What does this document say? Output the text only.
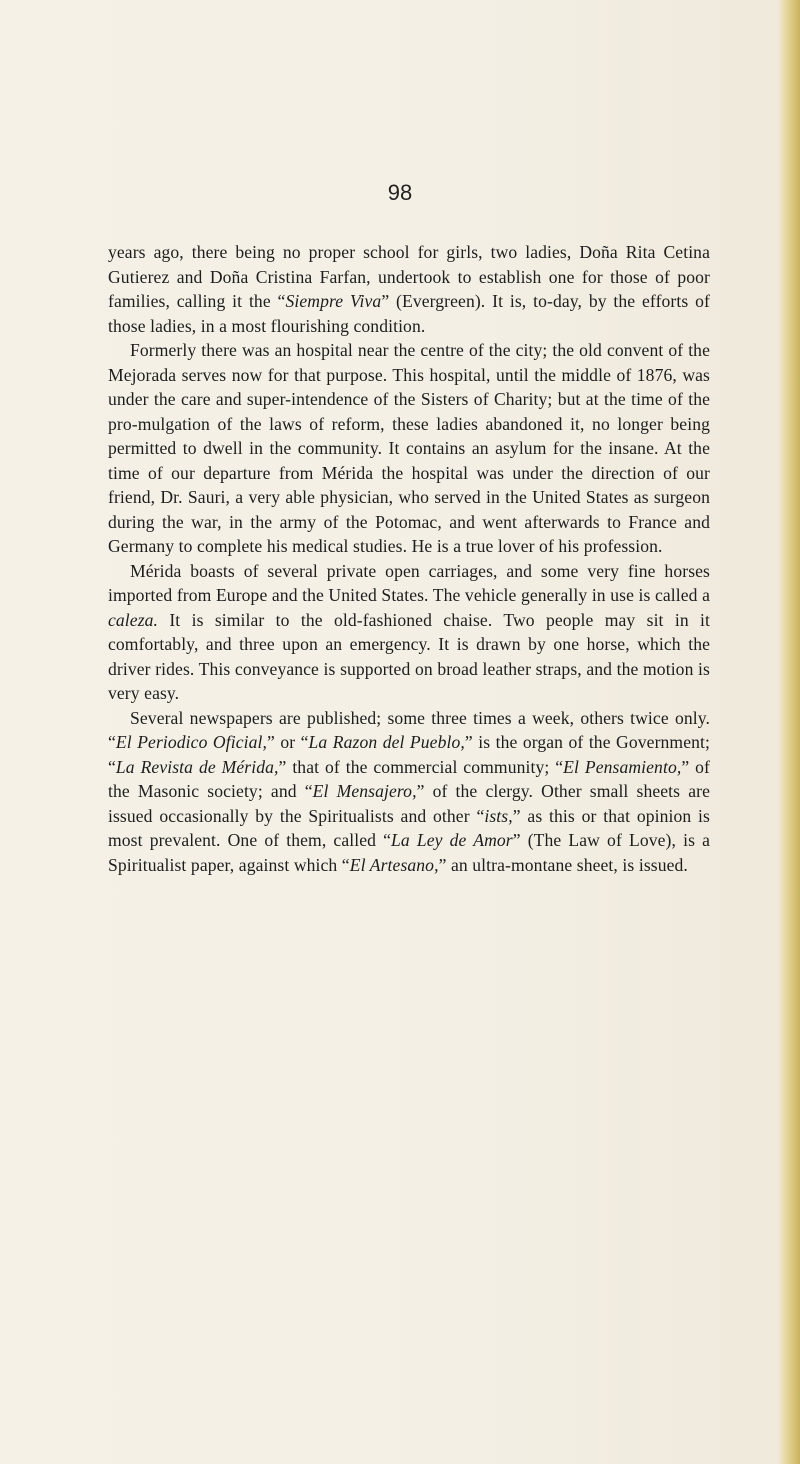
98

years ago, there being no proper school for girls, two ladies, Doña Rita Cetina Gutierez and Doña Cristina Farfan, undertook to establish one for those of poor families, calling it the “Siempre Viva” (Evergreen). It is, to-day, by the efforts of those ladies, in a most flourishing condition.

Formerly there was an hospital near the centre of the city; the old convent of the Mejorada serves now for that purpose. This hospital, until the middle of 1876, was under the care and super-intendence of the Sisters of Charity; but at the time of the pro-mulgation of the laws of reform, these ladies abandoned it, no longer being permitted to dwell in the community. It contains an asylum for the insane. At the time of our departure from Mérida the hospital was under the direction of our friend, Dr. Sauri, a very able physician, who served in the United States as surgeon during the war, in the army of the Potomac, and went afterwards to France and Germany to complete his medical studies. He is a true lover of his profession.

Mérida boasts of several private open carriages, and some very fine horses imported from Europe and the United States. The vehicle generally in use is called a caleza. It is similar to the old-fashioned chaise. Two people may sit in it comfortably, and three upon an emergency. It is drawn by one horse, which the driver rides. This conveyance is supported on broad leather straps, and the motion is very easy.

Several newspapers are published; some three times a week, others twice only. “El Periodico Oficial,” or “La Razon del Pueblo,” is the organ of the Government; “La Revista de Mérida,” that of the commercial community; “El Pensamiento,” of the Masonic society; and “El Mensajero,” of the clergy. Other small sheets are issued occasionally by the Spiritualists and other “ists,” as this or that opinion is most prevalent. One of them, called “La Ley de Amor” (The Law of Love), is a Spiritualist paper, against which “El Artesano,” an ultra-montane sheet, is issued.
